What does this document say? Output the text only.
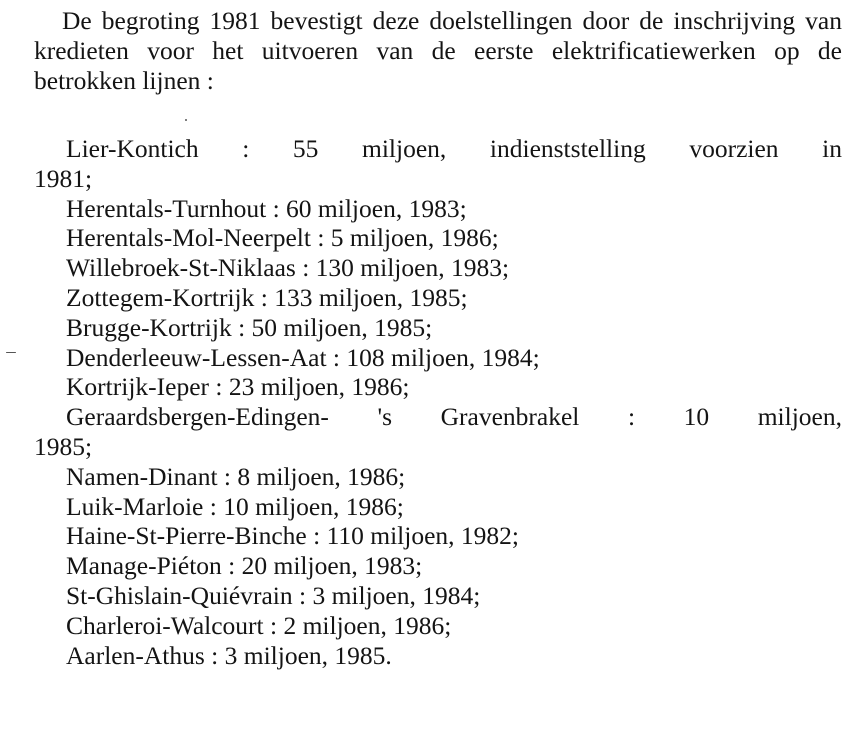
De begroting 1981 bevestigt deze doelstellingen door de inschrijving van kredieten voor het uitvoeren van de eerste elektrificatiewerken op de betrokken lijnen :

Lier-Kontich : 55 miljoen, indienststelling voorzien in

1981;

Herentals-Turnhout : 60 miljoen, 1983;

Herentals-Mol-Neerpelt : 5 miljoen, 1986;

Willebroek-St-Niklaas : 130 miljoen, 1983;

Zottegem-Kortrijk : 133 miljoen, 1985;

Brugge-Kortrijk : 50 miljoen, 1985;

Denderleeuw-Lessen-Aat : 108 miljoen, 1984;

Kortrijk-Ieper : 23 miljoen, 1986;

Geraardsbergen-Edingen- 's Gravenbrakel : 10 miljoen,

1985;

Namen-Dinant : 8 miljoen, 1986;

Luik-Marloie : 10 miljoen, 1986;

Haine-St-Pierre-Binche : 110 miljoen, 1982;

Manage-Piéton : 20 miljoen, 1983;

St-Ghislain-Quiévrain : 3 miljoen, 1984;

Charleroi-Walcourt : 2 miljoen, 1986;

Aarlen-Athus : 3 miljoen, 1985.
